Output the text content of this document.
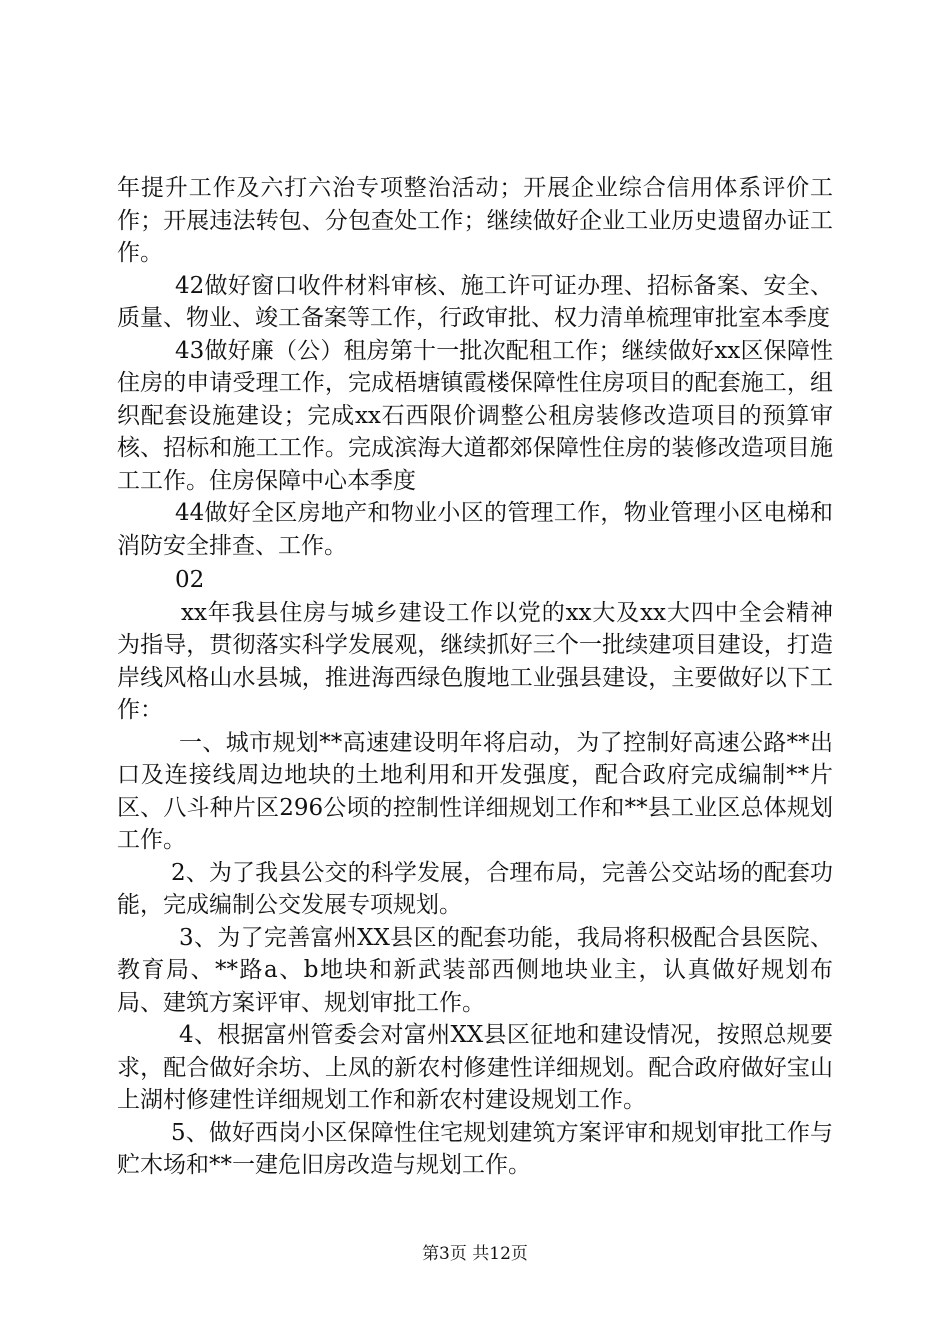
年提升工作及六打六治专项整治活动；开展企业综合信用体系评价工作；开展违法转包、分包查处工作；继续做好企业工业历史遗留办证工作。

42做好窗口收件材料审核、施工许可证办理、招标备案、安全、质量、物业、竣工备案等工作，行政审批、权力清单梳理审批室本季度

43做好廉（公）租房第十一批次配租工作；继续做好xx区保障性住房的申请受理工作，完成梧塘镇霞楼保障性住房项目的配套施工，组织配套设施建设；完成xx石西限价调整公租房装修改造项目的预算审核、招标和施工工作。完成滨海大道都郊保障性住房的装修改造项目施工工作。住房保障中心本季度

44做好全区房地产和物业小区的管理工作，物业管理小区电梯和消防安全排查、工作。

02

xx年我县住房与城乡建设工作以党的xx大及xx大四中全会精神为指导，贯彻落实科学发展观，继续抓好三个一批续建项目建设，打造岸线风格山水县城，推进海西绿色腹地工业强县建设，主要做好以下工作：

一、城市规划**高速建设明年将启动，为了控制好高速公路**出口及连接线周边地块的土地利用和开发强度，配合政府完成编制**片区、八斗种片区296公顷的控制性详细规划工作和**县工业区总体规划工作。

2、为了我县公交的科学发展，合理布局，完善公交站场的配套功能，完成编制公交发展专项规划。

3、为了完善富州XX县区的配套功能，我局将积极配合县医院、教育局、**路a、b地块和新武装部西侧地块业主，认真做好规划布局、建筑方案评审、规划审批工作。

4、根据富州管委会对富州XX县区征地和建设情况，按照总规要求，配合做好余坊、上凤的新农村修建性详细规划。配合政府做好宝山上湖村修建性详细规划工作和新农村建设规划工作。

5、做好西岗小区保障性住宅规划建筑方案评审和规划审批工作与贮木场和**一建危旧房改造与规划工作。

第3页 共12页
